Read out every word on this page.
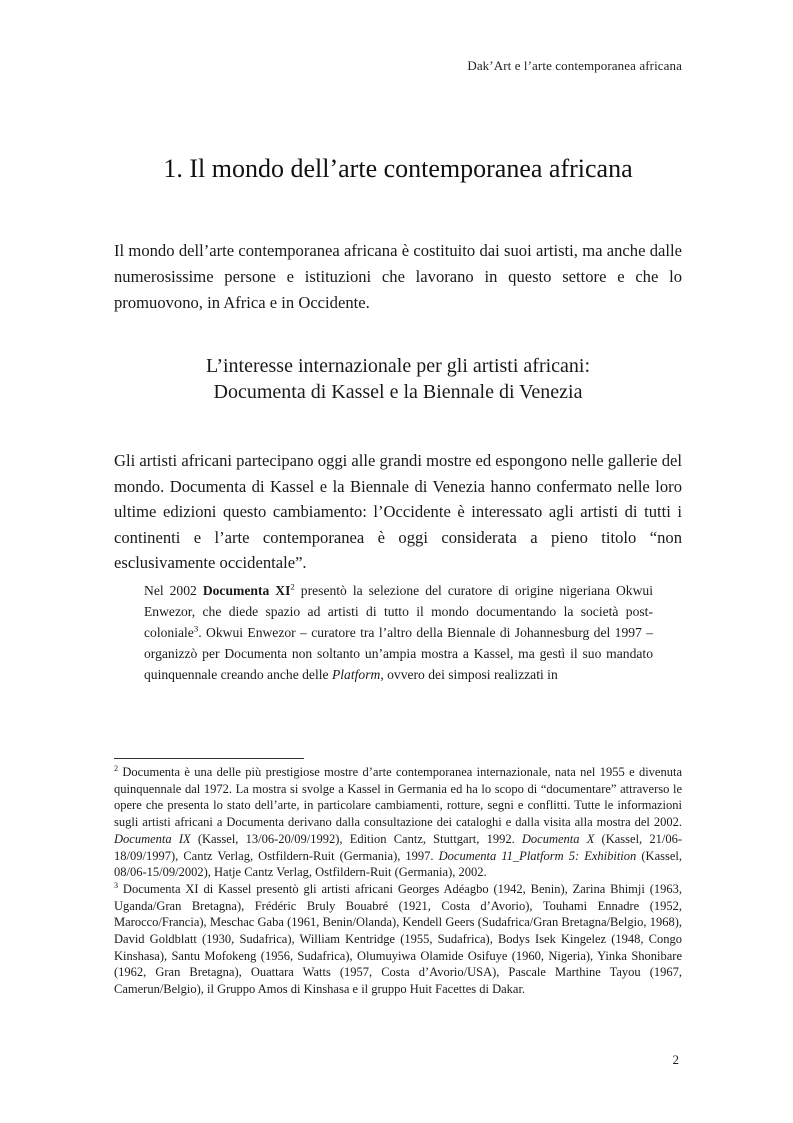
Dak’Art e l’arte contemporanea africana
1. Il mondo dell’arte contemporanea africana

Il mondo dell’arte contemporanea africana è costituito dai suoi artisti, ma anche dalle numerosissime persone e istituzioni che lavorano in questo settore e che lo promuovono, in Africa e in Occidente.

L’interesse internazionale per gli artisti africani:
Documenta di Kassel e la Biennale di Venezia

Gli artisti africani partecipano oggi alle grandi mostre ed espongono nelle gallerie del mondo. Documenta di Kassel e la Biennale di Venezia hanno confermato nelle loro ultime edizioni questo cambiamento: l’Occidente è interessato agli artisti di tutti i continenti e l’arte contemporanea è oggi considerata a pieno titolo “non esclusivamente occidentale”.

Nel 2002 Documenta $XI^2$ presentò la selezione del curatore di origine nigeriana Okwui Enwezor, che diede spazio ad artisti di tutto il mondo documentando la società post-coloniale$^3$. Okwui Enwezor – curatore tra l’altro della Biennale di Johannesburg del 1997 – organizzò per Documenta non soltanto un’ampia mostra a Kassel, ma gestì il suo mandato quinquennale creando anche delle Platform, ovvero dei simposi realizzati in

$^2$ Documenta è una delle più prestigiose mostre d’arte contemporanea internazionale, nata nel 1955 e divenuta quinquennale dal 1972. La mostra si svolge a Kassel in Germania ed ha lo scopo di “documentare” attraverso le opere che presenta lo stato dell’arte, in particolare cambiamenti, rotture, segni e conflitti. Tutte le informazioni sugli artisti africani a Documenta derivano dalla consultazione dei cataloghi e dalla visita alla mostra del 2002. Documenta IX (Kassel, 13/06-20/09/1992), Edition Cantz, Stuttgart, 1992. Documenta X (Kassel, 21/06-18/09/1997), Cantz Verlag, Ostfildern-Ruit (Germania), 1997. Documenta 11_Platform 5: Exhibition (Kassel, 08/06-15/09/2002), Hatje Cantz Verlag, Ostfildern-Ruit (Germania), 2002.

$^3$ Documenta XI di Kassel presentò gli artisti africani Georges Adéagbo (1942, Benin), Zarina Bhimji (1963, Uganda/Gran Bretagna), Frédéric Bruly Bouabré (1921, Costa d’Avorio), Touhami Ennadre (1952, Marocco/Francia), Meschac Gaba (1961, Benin/Olanda), Kendell Geers (Sudafrica/Gran Bretagna/Belgio, 1968), David Goldblatt (1930, Sudafrica), William Kentridge (1955, Sudafrica), Bodys Isek Kingelez (1948, Congo Kinshasa), Santu Mofokeng (1956, Sudafrica), Olumuyiwa Olamide Osifuye (1960, Nigeria), Yinka Shonibare (1962, Gran Bretagna), Ouattara Watts (1957, Costa d’Avorio/USA), Pascale Marthine Tayou (1967, Camerun/Belgio), il Gruppo Amos di Kinshasa e il gruppo Huit Facettes di Dakar.

2
